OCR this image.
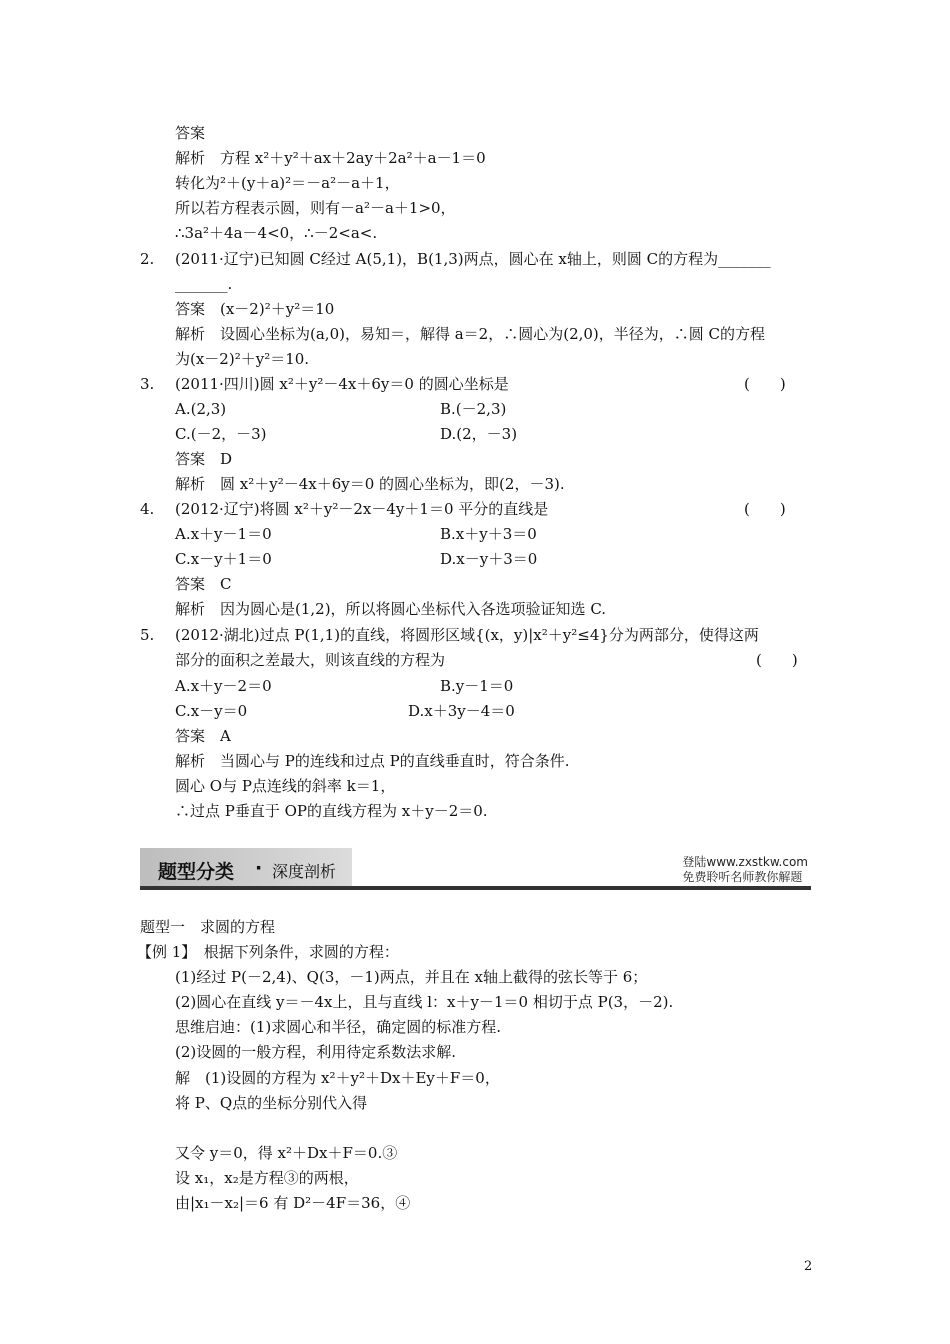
答案
解析　方程 x²＋y²＋ax＋2ay＋2a²＋a－1＝0
转化为²＋(y＋a)²＝－a²－a＋1，
所以若方程表示圆，则有－a²－a＋1>0，
∴3a²＋4a－4<0，∴－2<a<.
2. (2011·辽宁)已知圆 C经过 A(5,1)，B(1,3)两点，圆心在 x轴上，则圆 C的方程为_______
_______.
答案　(x－2)²＋y²＝10
解析　设圆心坐标为(a,0)，易知＝，解得 a＝2，∴圆心为(2,0)，半径为，∴圆 C的方程
为(x－2)²＋y²＝10.
3. (2011·四川)圆 x²＋y²－4x＋6y＝0 的圆心坐标是	(　　)
A.(2,3)	B.(－2,3)
C.(－2，－3)	D.(2，－3)
答案　D
解析　圆 x²＋y²－4x＋6y＝0 的圆心坐标为，即(2，－3).
4. (2012·辽宁)将圆 x²＋y²－2x－4y＋1＝0 平分的直线是	(　　)
A.x＋y－1＝0	B.x＋y＋3＝0
C.x－y＋1＝0	D.x－y＋3＝0
答案　C
解析　因为圆心是(1,2)，所以将圆心坐标代入各选项验证知选 C.
5. (2012·湖北)过点 P(1,1)的直线，将圆形区域{(x，y)|x²＋y²≤4}分为两部分，使得这两
部分的面积之差最大，则该直线的方程为	(　　)
A.x＋y－2＝0	B.y－1＝0
C.x－y＝0	D.x＋3y－4＝0
答案　A
解析　当圆心与 P的连线和过点 P的直线垂直时，符合条件.
圆心 O与 P点连线的斜率 k＝1，
∴过点 P垂直于 OP的直线方程为 x＋y－2＝0.
题型分类 · 深度剖析	登陆www.zxstkw.com
免费聆听名师教你解题
题型一　求圆的方程
【例 1】　根据下列条件，求圆的方程：
(1)经过 P(－2,4)、Q(3，－1)两点，并且在 x轴上截得的弦长等于 6；
(2)圆心在直线 y＝－4x上，且与直线 l：x＋y－1＝0 相切于点 P(3，－2).
思维启迪：(1)求圆心和半径，确定圆的标准方程.
(2)设圆的一般方程，利用待定系数法求解.
解　(1)设圆的方程为 x²＋y²＋Dx＋Ey＋F＝0，
将 P、Q点的坐标分别代入得
又令 y＝0，得 x²＋Dx＋F＝0.③
设 x₁，x₂是方程③的两根，
由|x₁－x₂|＝6 有 D²－4F＝36，④
2
